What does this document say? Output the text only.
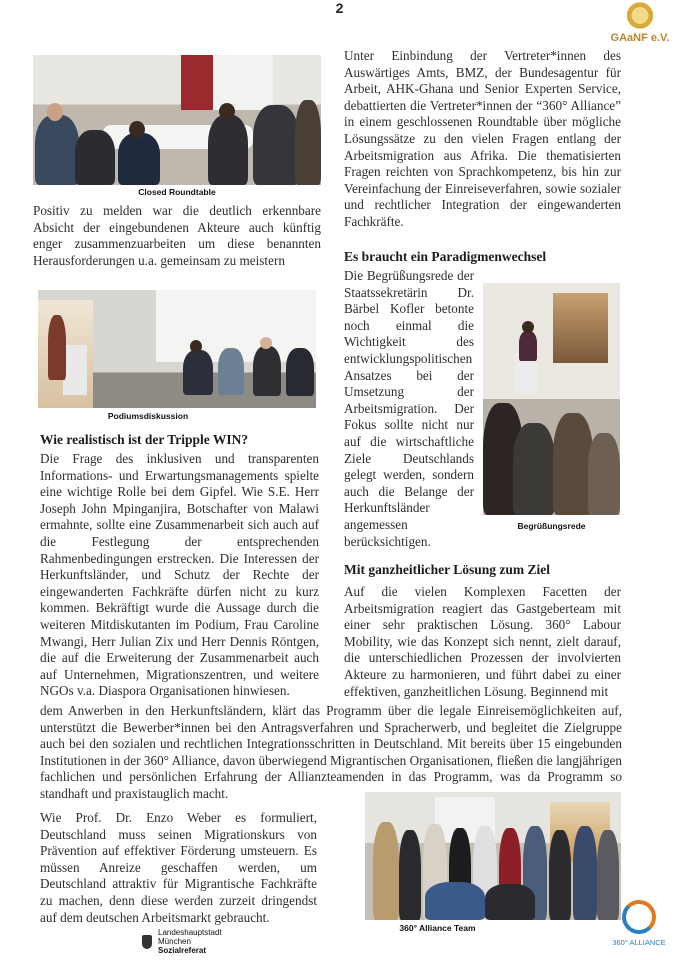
2
GAaNF e.V.
Closed Roundtable

Positiv zu melden war die deutlich erkennbare Absicht der eingebundenen Akteure auch künftig enger zusammenzuarbeiten um diese benannten Herausforderungen u.a. gemeinsam zu meistern

Podiumsdiskussion
Wie realistisch ist der Tripple WIN?

Die Frage des inklusiven und transparenten Informations- und Erwartungsmanagements spielte eine wichtige Rolle bei dem Gipfel. Wie S.E. Herr Joseph John Mpinganjira, Botschafter von Malawi ermahnte, sollte eine Zusammenarbeit sich auch auf die Festlegung der entsprechenden Rahmenbedingungen erstrecken. Die Interessen der Herkunftsländer, und Schutz der Rechte der eingewanderten Fachkräfte dürfen nicht zu kurz kommen. Bekräftigt wurde die Aussage durch die weiteren Mitdiskutanten im Podium, Frau Caroline Mwangi, Herr Julian Zix und Herr Dennis Röntgen, die auf die Erweiterung der Zusammenarbeit auch auf Unternehmen, Migrationszentren, und weitere NGOs v.a. Diaspora Organisationen hinwiesen.

Unter Einbindung der Vertreter*innen des Auswärtiges Amts, BMZ, der Bundesagentur für Arbeit, AHK-Ghana und Senior Experten Service, debattierten die Vertreter*innen der “360° Alliance” in einem geschlossenen Roundtable über mögliche Lösungssätze zu den vielen Fragen entlang der Arbeitsmigration aus Afrika. Die thematisierten Fragen reichten von Sprachkompetenz, bis hin zur Vereinfachung der Einreiseverfahren, sowie sozialer und rechtlicher Integration der eingewanderten Fachkräfte.

Es braucht ein Paradigmenwechsel

Die Begrüßungsrede der Staatssekretärin Dr. Bärbel Kofler betonte noch einmal die Wichtigkeit des entwicklungspolitischen Ansatzes bei der Umsetzung der Arbeitsmigration. Der Fokus sollte nicht nur auf die wirtschaftliche Ziele Deutschlands gelegt werden, sondern auch die Belange der Herkunftsländer angemessen berücksichtigen.

Begrüßungsrede
Mit ganzheitlicher Lösung zum Ziel

Auf die vielen Komplexen Facetten der Arbeitsmigration reagiert das Gastgeberteam mit einer sehr praktischen Lösung. 360° Labour Mobility, wie das Konzept sich nennt, zielt darauf, die unterschiedlichen Prozessen der involvierten Akteure zu harmonieren, und führt dabei zu einer effektiven, ganzheitlichen Lösung. Beginnend mit

dem Anwerben in den Herkunftsländern, klärt das Programm über die legale Einreisemöglichkeiten auf, unterstützt die Bewerber*innen bei den Antragsverfahren und Spracherwerb, und begleitet die Zielgruppe auch bei den sozialen und rechtlichen Integrationsschritten in Deutschland. Mit bereits über 15 eingebunden Institutionen in der 360° Alliance, davon überwiegend Migrantischen Organisationen, fließen die langjährigen fachlichen und persönlichen Erfahrung der Allianzteamenden in das Programm, was da Programm so standhaft und praxistauglich macht.

Wie Prof. Dr. Enzo Weber es formuliert, Deutschland muss seinen Migrationskurs von Prävention auf effektiver Förderung umsteuern. Es müssen Anreize geschaffen werden, um Deutschland attraktiv für Migrantische Fachkräfte zu machen, denn diese werden zurzeit dringendst auf dem deutschen Arbeitsmarkt gebraucht.

360° Alliance Team
Landeshauptstadt
München
Sozialreferat
360° ALLIANCE
